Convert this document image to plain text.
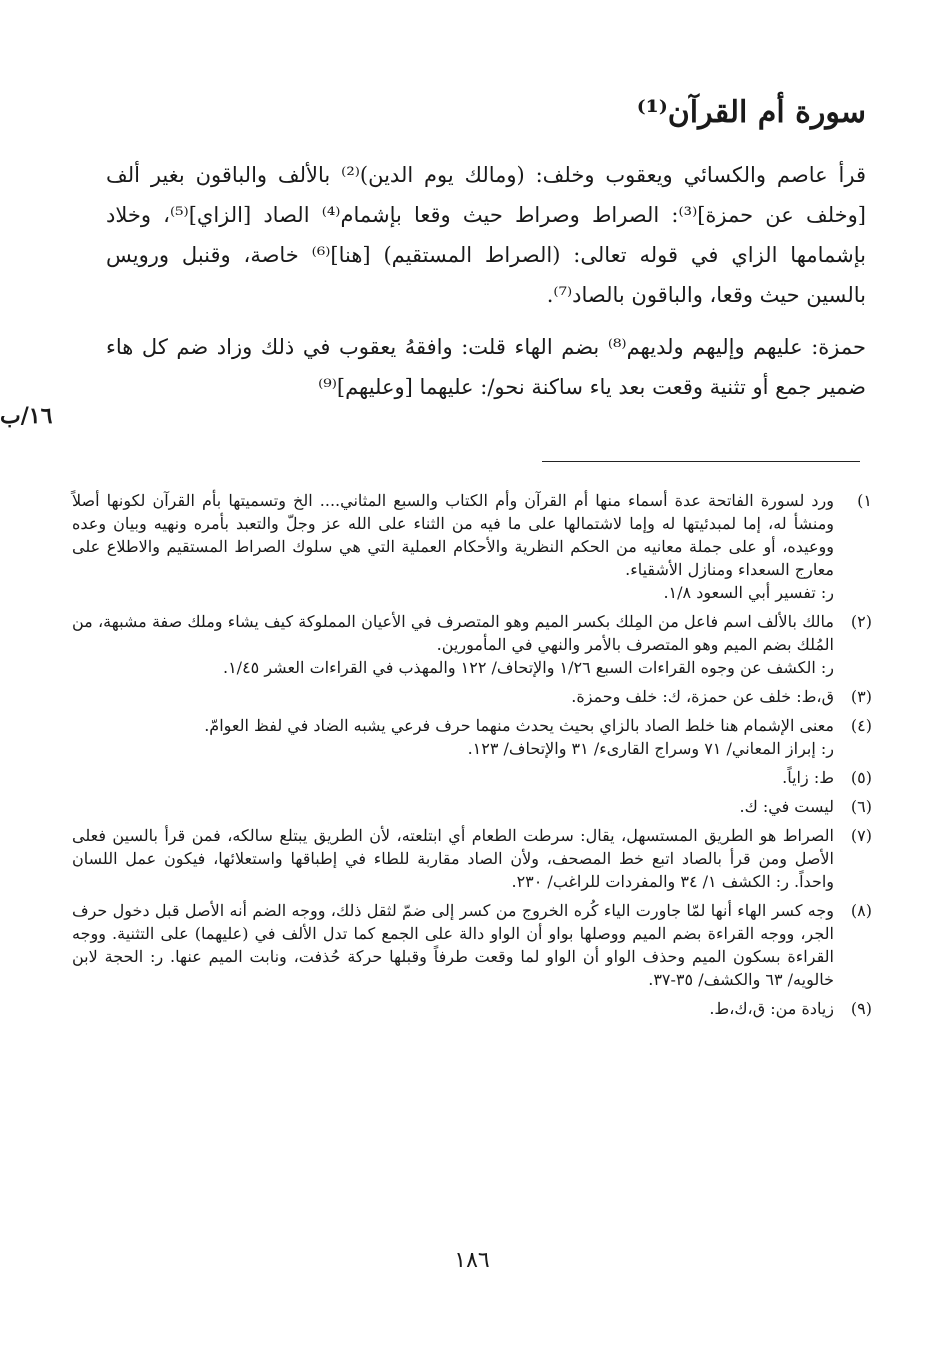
سورة أم القرآن⁽¹⁾

قرأ عاصم والكسائي ويعقوب وخلف: (ومالك يوم الدين)⁽²⁾ بالألف والباقون بغير ألف [وخلف عن حمزة]⁽³⁾: الصراط وصراط حيث وقعا بإشمام⁽⁴⁾ الصاد [الزاي]⁽⁵⁾، وخلاد بإشمامها الزاي في قوله تعالى: (الصراط المستقيم) [هنا]⁽⁶⁾ خاصة، وقنبل ورويس بالسين حيث وقعا، والباقون بالصاد⁽⁷⁾.

حمزة: عليهم وإليهم ولديهم⁽⁸⁾ بضم الهاء قلت: وافقهُ يعقوب في ذلك وزاد ضم كل هاء ضمير جمع أو تثنية وقعت بعد ياء ساكنة نحو/: عليهما [وعليهم]⁽⁹⁾

١٦/ب
١)
ورد لسورة الفاتحة عدة أسماء منها أم القرآن وأم الكتاب والسبع المثاني.... الخ وتسميتها بأم القرآن لكونها أصلاً ومنشأ له، إما لمبدئيتها له وإما لاشتمالها على ما فيه من الثناء على الله عز وجلّ والتعبد بأمره ونهيه وبيان وعده ووعيده، أو على جملة معانيه من الحكم النظرية والأحكام العملية التي هي سلوك الصراط المستقيم والاطلاع على معارج السعداء ومنازل الأشقياء.
ر: تفسير أبي السعود ١/٨.
(٢)
مالك بالألف اسم فاعل من المِلك بكسر الميم وهو المتصرف في الأعيان المملوكة كيف يشاء وملك صفة مشبهة، من المُلك بضم الميم وهو المتصرف بالأمر والنهي في المأمورين.
ر: الكشف عن وجوه القراءات السبع ١/٢٦ والإتحاف/ ١٢٢ والمهذب في القراءات العشر ١/٤٥.
(٣)
ق،ط: خلف عن حمزة، ك: خلف وحمزة.
(٤)
معنى الإشمام هنا خلط الصاد بالزاي بحيث يحدث منهما حرف فرعي يشبه الضاد في لفظ العوامّ.
ر: إبراز المعاني/ ٧١ وسراج القارىء/ ٣١ والإتحاف/ ١٢٣.
(٥)
ط: زاياً.
(٦)
ليست في: ك.
(٧)
الصراط هو الطريق المستسهل، يقال: سرطت الطعام أي ابتلعته، لأن الطريق يبتلع سالكه، فمن قرأ بالسين فعلى الأصل ومن قرأ بالصاد اتبع خط المصحف، ولأن الصاد مقاربة للطاء في إطباقها واستعلائها، فيكون عمل اللسان واحداً. ر: الكشف ١/ ٣٤ والمفردات للراغب/ ٢٣٠.
(٨)
وجه كسر الهاء أنها لمّا جاورت الياء كُره الخروج من كسر إلى ضمّ لثقل ذلك، ووجه الضم أنه الأصل قبل دخول حرف الجر، ووجه القراءة بضم الميم ووصلها بواو أن الواو دالة على الجمع كما تدل الألف في (عليهما) على التثنية. ووجه القراءة بسكون الميم وحذف الواو أن الواو لما وقعت طرفاً وقبلها حركة حُذفت، ونابت الميم عنها. ر: الحجة لابن خالويه/ ٦٣ والكشف/ ٣٥-٣٧.
(٩)
زيادة من: ق،ك،ط.
١٨٦
